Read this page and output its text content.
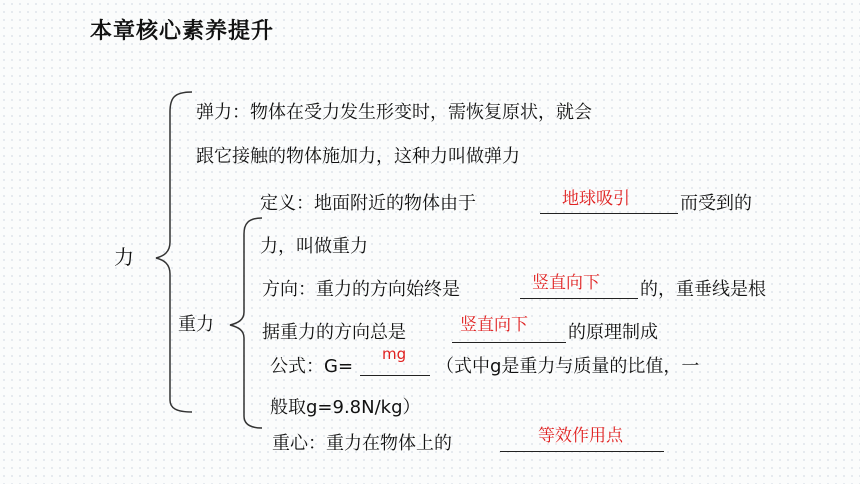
本章核心素养提升
力
弹力：物体在受力发生形变时，需恢复原状，就会
跟它接触的物体施加力，这种力叫做弹力
重力
定义：地面附近的物体由于	地球吸引	而受到的
力，叫做重力
方向：重力的方向始终是	竖直向下 的，重垂线是根
据重力的方向总是	竖直向下 的原理制成
公式：G=
mg
（式中g是重力与质量的比值，一
般取g=9.8N/kg）
重心：重力在物体上的	等效作用点
